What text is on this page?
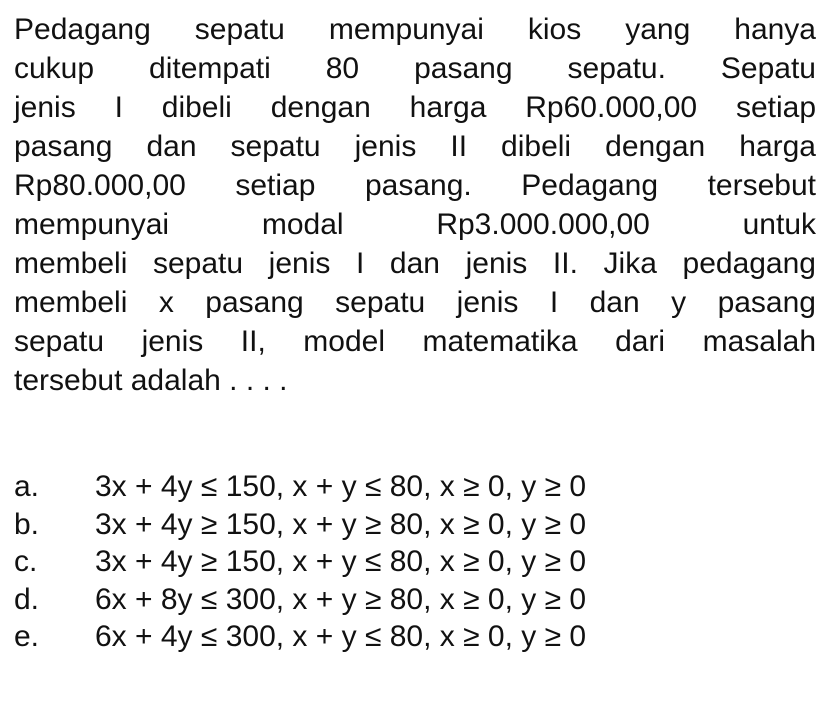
Pedagang sepatu mempunyai kios yang hanya
cukup ditempati 80 pasang sepatu. Sepatu
jenis I dibeli dengan harga Rp60.000,00 setiap
pasang dan sepatu jenis II dibeli dengan harga
Rp80.000,00 setiap pasang. Pedagang tersebut
mempunyai modal Rp3.000.000,00 untuk
membeli sepatu jenis I dan jenis II. Jika pedagang
membeli x pasang sepatu jenis I dan y pasang
sepatu jenis II, model matematika dari masalah
tersebut adalah . . . .
a.	3x + 4y ≤ 150, x + y ≤ 80, x ≥ 0, y ≥ 0
b.	3x + 4y ≥ 150, x + y ≥ 80, x ≥ 0, y ≥ 0
c.	3x + 4y ≥ 150, x + y ≤ 80, x ≥ 0, y ≥ 0
d.	6x + 8y ≤ 300, x + y ≥ 80, x ≥ 0, y ≥ 0
e.	6x + 4y ≤ 300, x + y ≤ 80, x ≥ 0, y ≥ 0
